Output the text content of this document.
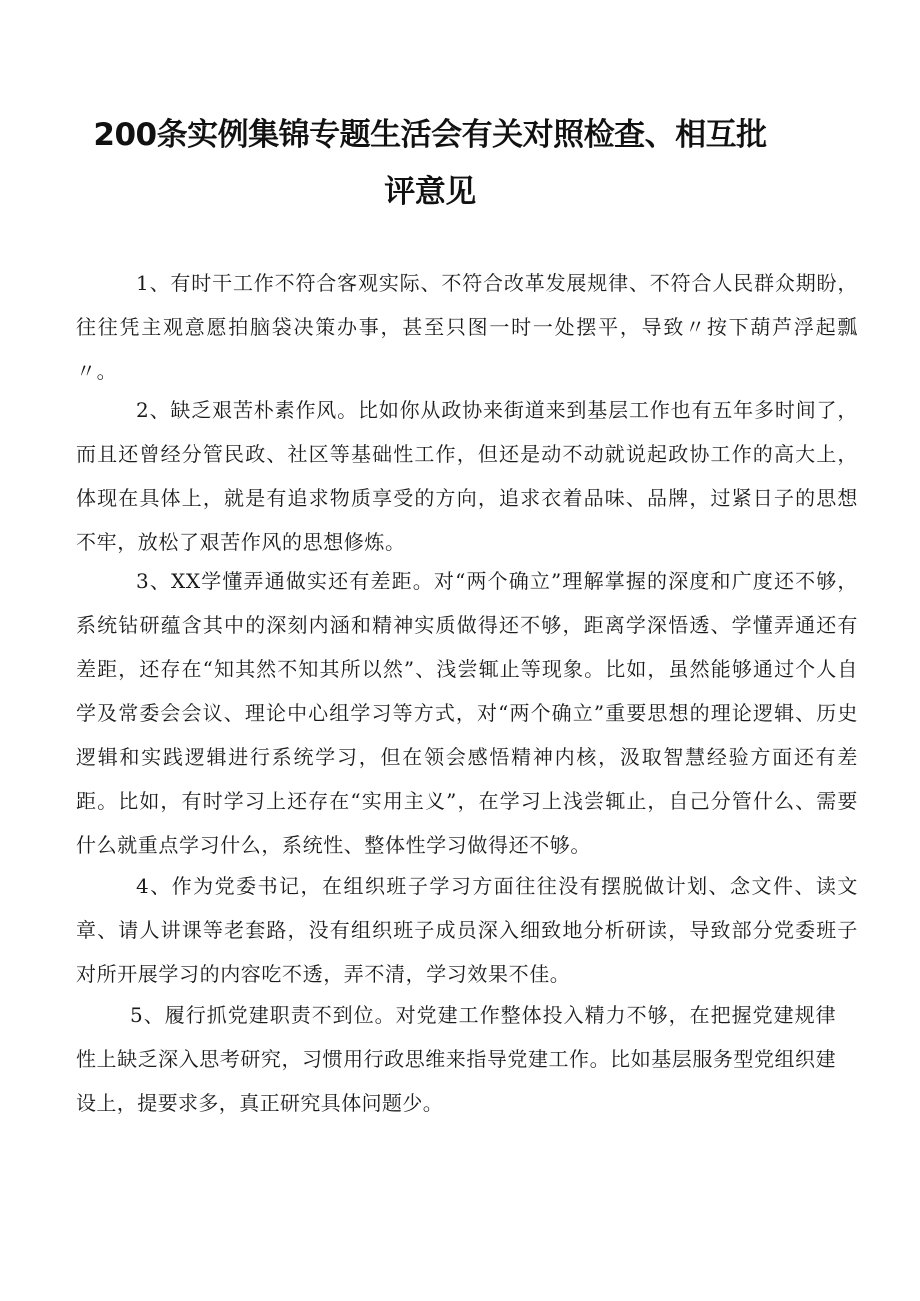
200条实例集锦专题生活会有关对照检查、相互批
评意见

1、有时干工作不符合客观实际、不符合改革发展规律、不符合人民群众期盼，往往凭主观意愿拍脑袋决策办事，甚至只图一时一处摆平，导致〃按下葫芦浮起瓢〃。

2、缺乏艰苦朴素作风。比如你从政协来街道来到基层工作也有五年多时间了，而且还曾经分管民政、社区等基础性工作，但还是动不动就说起政协工作的高大上，体现在具体上，就是有追求物质享受的方向，追求衣着品味、品牌，过紧日子的思想不牢，放松了艰苦作风的思想修炼。

3、XX学懂弄通做实还有差距。对“两个确立”理解掌握的深度和广度还不够，系统钻研蕴含其中的深刻内涵和精神实质做得还不够，距离学深悟透、学懂弄通还有差距，还存在“知其然不知其所以然”、浅尝辄止等现象。比如，虽然能够通过个人自学及常委会会议、理论中心组学习等方式，对“两个确立”重要思想的理论逻辑、历史逻辑和实践逻辑进行系统学习，但在领会感悟精神内核，汲取智慧经验方面还有差距。比如，有时学习上还存在“实用主义”，在学习上浅尝辄止，自己分管什么、需要什么就重点学习什么，系统性、整体性学习做得还不够。

4、作为党委书记，在组织班子学习方面往往没有摆脱做计划、念文件、读文章、请人讲课等老套路，没有组织班子成员深入细致地分析研读，导致部分党委班子对所开展学习的内容吃不透，弄不清，学习效果不佳。

5、履行抓党建职责不到位。对党建工作整体投入精力不够，在把握党建规律性上缺乏深入思考研究，习惯用行政思维来指导党建工作。比如基层服务型党组织建设上，提要求多，真正研究具体问题少。
